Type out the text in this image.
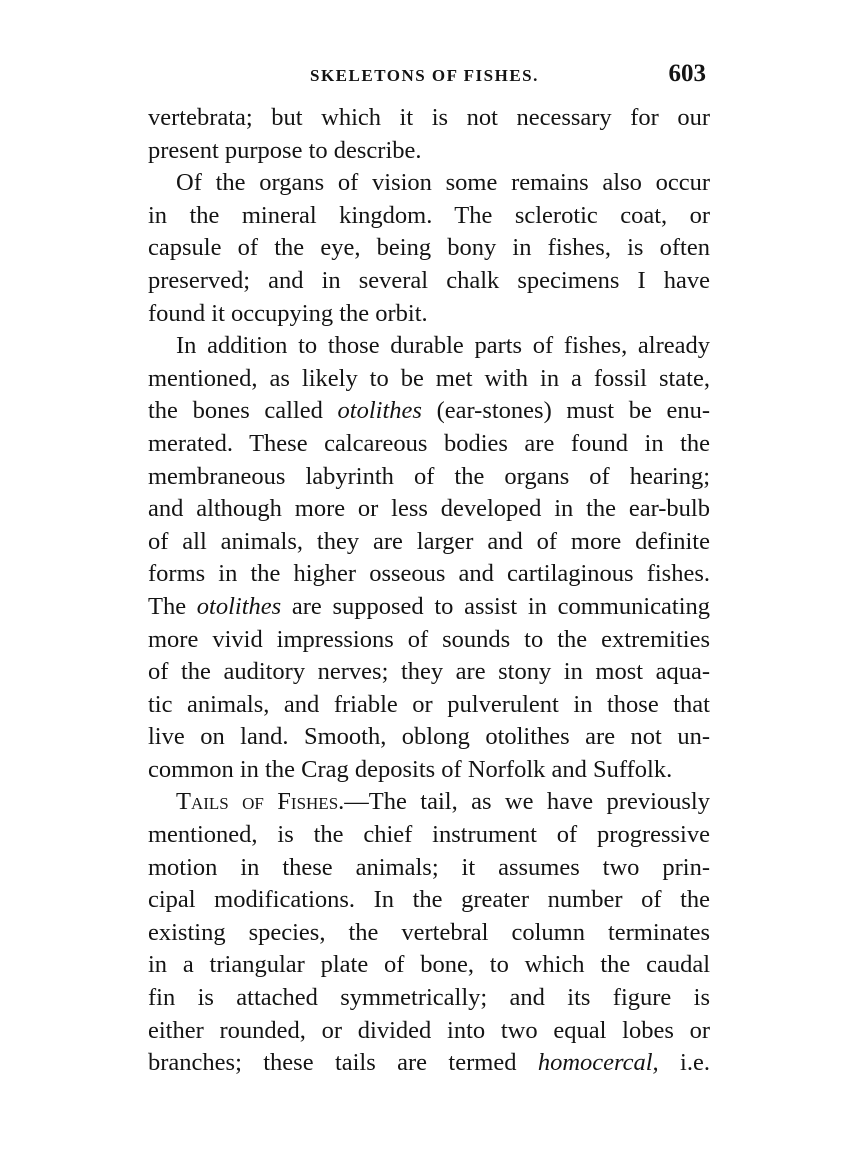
SKELETONS OF FISHES.	603
vertebrata; but which it is not necessary for our
present purpose to describe.
Of the organs of vision some remains also occur
in the mineral kingdom. The sclerotic coat, or
capsule of the eye, being bony in fishes, is often
preserved; and in several chalk specimens I have
found it occupying the orbit.
In addition to those durable parts of fishes, already
mentioned, as likely to be met with in a fossil state,
the bones called otolithes (ear-stones) must be enu-
merated. These calcareous bodies are found in the
membraneous labyrinth of the organs of hearing;
and although more or less developed in the ear-bulb
of all animals, they are larger and of more definite
forms in the higher osseous and cartilaginous fishes.
The otolithes are supposed to assist in communicating
more vivid impressions of sounds to the extremities
of the auditory nerves; they are stony in most aqua-
tic animals, and friable or pulverulent in those that
live on land. Smooth, oblong otolithes are not un-
common in the Crag deposits of Norfolk and Suffolk.
Tails of Fishes.—The tail, as we have previously
mentioned, is the chief instrument of progressive
motion in these animals; it assumes two prin-
cipal modifications. In the greater number of the
existing species, the vertebral column terminates
in a triangular plate of bone, to which the caudal
fin is attached symmetrically; and its figure is
either rounded, or divided into two equal lobes or
branches; these tails are termed homocercal, i.e.
